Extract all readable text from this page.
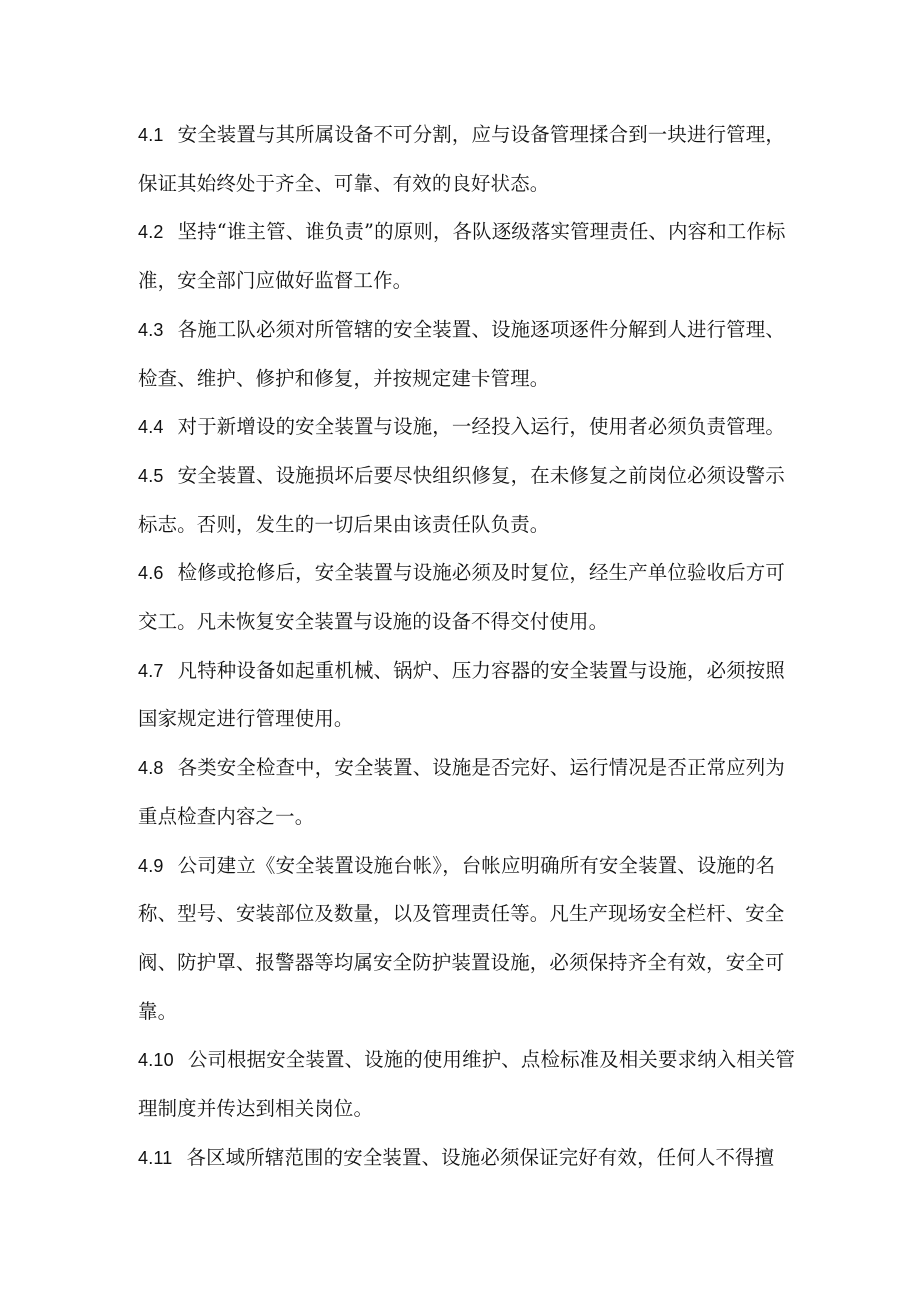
4.1 安全装置与其所属设备不可分割，应与设备管理揉合到一块进行管理，保证其始终处于齐全、可靠、有效的良好状态。

4.2 坚持“谁主管、谁负责”的原则，各队逐级落实管理责任、内容和工作标准，安全部门应做好监督工作。

4.3 各施工队必须对所管辖的安全装置、设施逐项逐件分解到人进行管理、检查、维护、修护和修复，并按规定建卡管理。

4.4 对于新增设的安全装置与设施，一经投入运行，使用者必须负责管理。

4.5 安全装置、设施损坏后要尽快组织修复，在未修复之前岗位必须设警示标志。否则，发生的一切后果由该责任队负责。

4.6 检修或抢修后，安全装置与设施必须及时复位，经生产单位验收后方可交工。凡未恢复安全装置与设施的设备不得交付使用。

4.7 凡特种设备如起重机械、锅炉、压力容器的安全装置与设施，必须按照国家规定进行管理使用。

4.8 各类安全检查中，安全装置、设施是否完好、运行情况是否正常应列为重点检查内容之一。

4.9 公司建立《安全装置设施台帐》，台帐应明确所有安全装置、设施的名称、型号、安装部位及数量，以及管理责任等。凡生产现场安全栏杆、安全阀、防护罩、报警器等均属安全防护装置设施，必须保持齐全有效，安全可靠。

4.10 公司根据安全装置、设施的使用维护、点检标准及相关要求纳入相关管理制度并传达到相关岗位。

4.11 各区域所辖范围的安全装置、设施必须保证完好有效，任何人不得擅
